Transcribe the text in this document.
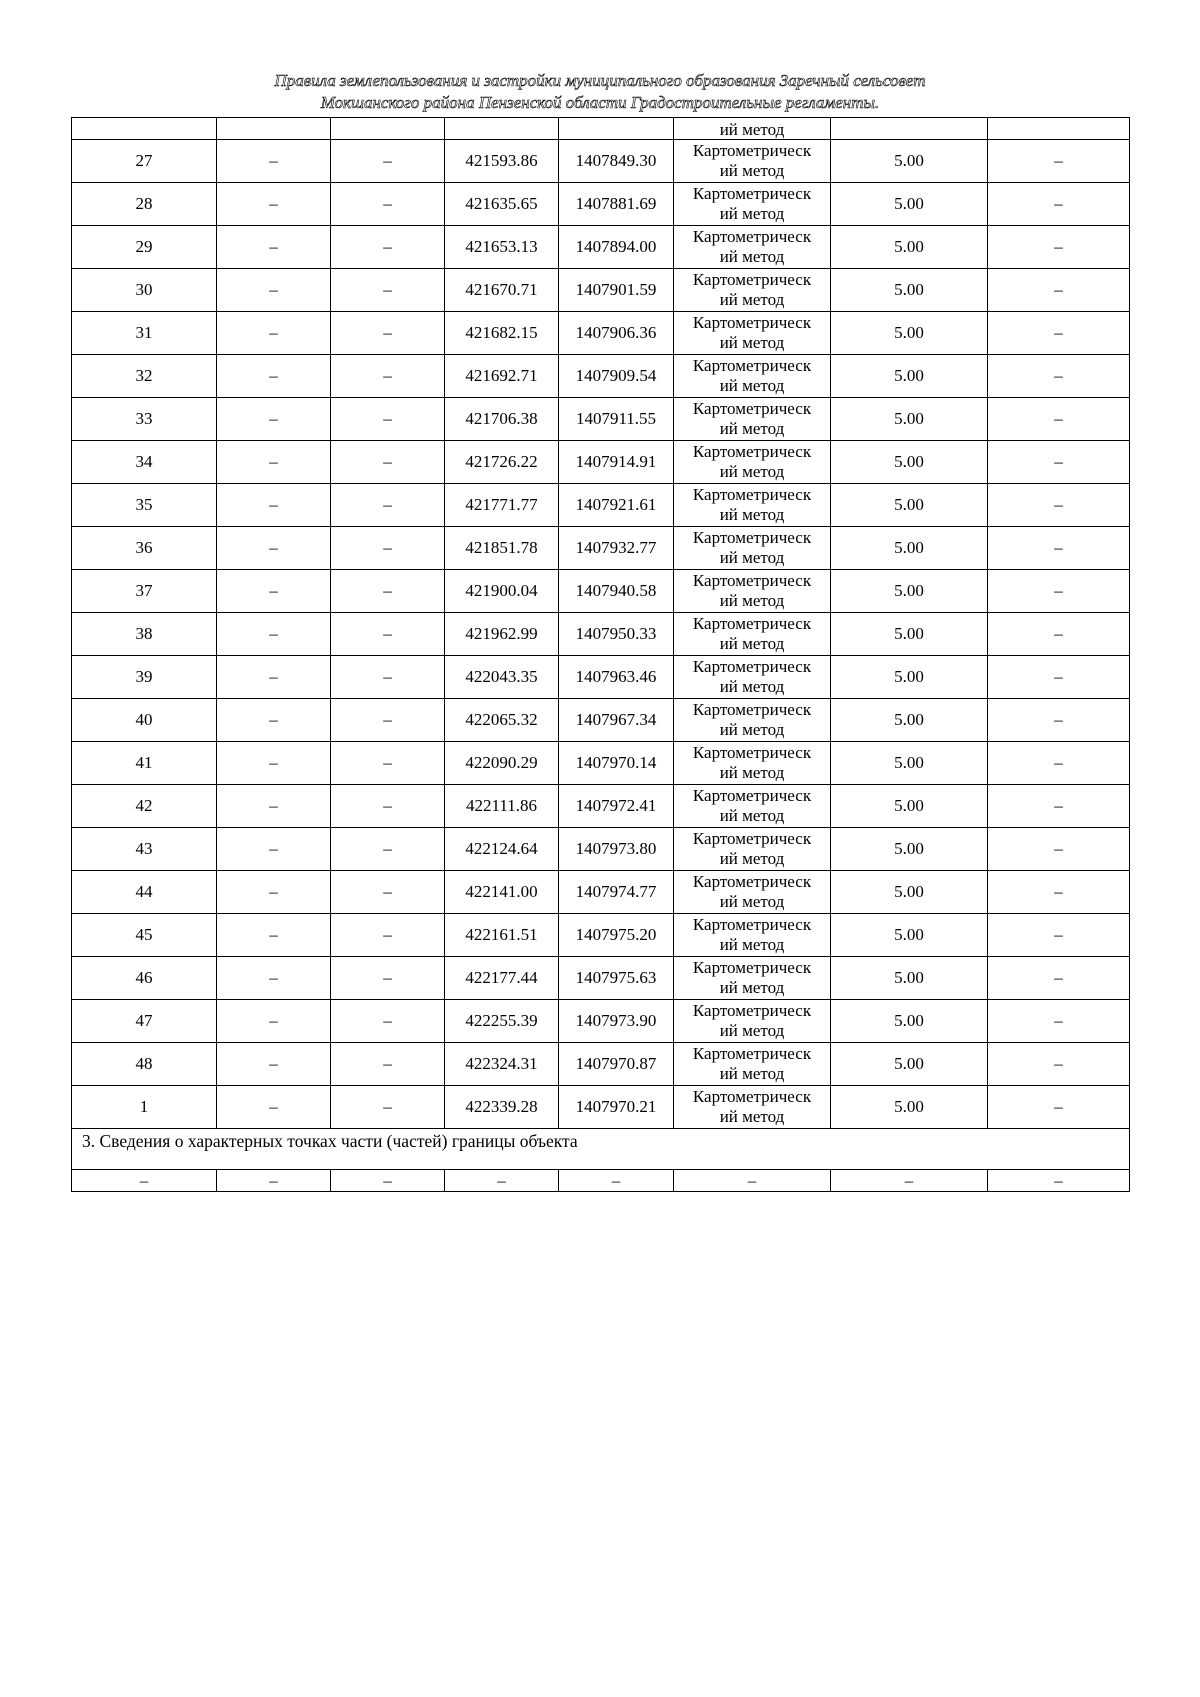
Правила землепользования и застройки муниципального образования Заречный сельсовет
Мокшанского района Пензенской области Градостроительные регламенты.
					ий метод		
27	–	–	421593.86	1407849.30	Картометрическ
ий метод	5.00	–
28	–	–	421635.65	1407881.69	Картометрическ
ий метод	5.00	–
29	–	–	421653.13	1407894.00	Картометрическ
ий метод	5.00	–
30	–	–	421670.71	1407901.59	Картометрическ
ий метод	5.00	–
31	–	–	421682.15	1407906.36	Картометрическ
ий метод	5.00	–
32	–	–	421692.71	1407909.54	Картометрическ
ий метод	5.00	–
33	–	–	421706.38	1407911.55	Картометрическ
ий метод	5.00	–
34	–	–	421726.22	1407914.91	Картометрическ
ий метод	5.00	–
35	–	–	421771.77	1407921.61	Картометрическ
ий метод	5.00	–
36	–	–	421851.78	1407932.77	Картометрическ
ий метод	5.00	–
37	–	–	421900.04	1407940.58	Картометрическ
ий метод	5.00	–
38	–	–	421962.99	1407950.33	Картометрическ
ий метод	5.00	–
39	–	–	422043.35	1407963.46	Картометрическ
ий метод	5.00	–
40	–	–	422065.32	1407967.34	Картометрическ
ий метод	5.00	–
41	–	–	422090.29	1407970.14	Картометрическ
ий метод	5.00	–
42	–	–	422111.86	1407972.41	Картометрическ
ий метод	5.00	–
43	–	–	422124.64	1407973.80	Картометрическ
ий метод	5.00	–
44	–	–	422141.00	1407974.77	Картометрическ
ий метод	5.00	–
45	–	–	422161.51	1407975.20	Картометрическ
ий метод	5.00	–
46	–	–	422177.44	1407975.63	Картометрическ
ий метод	5.00	–
47	–	–	422255.39	1407973.90	Картометрическ
ий метод	5.00	–
48	–	–	422324.31	1407970.87	Картометрическ
ий метод	5.00	–
1	–	–	422339.28	1407970.21	Картометрическ
ий метод	5.00	–
3. Сведения о характерных точках части (частей) границы объекта							
–	–	–	–	–	–	–	–
